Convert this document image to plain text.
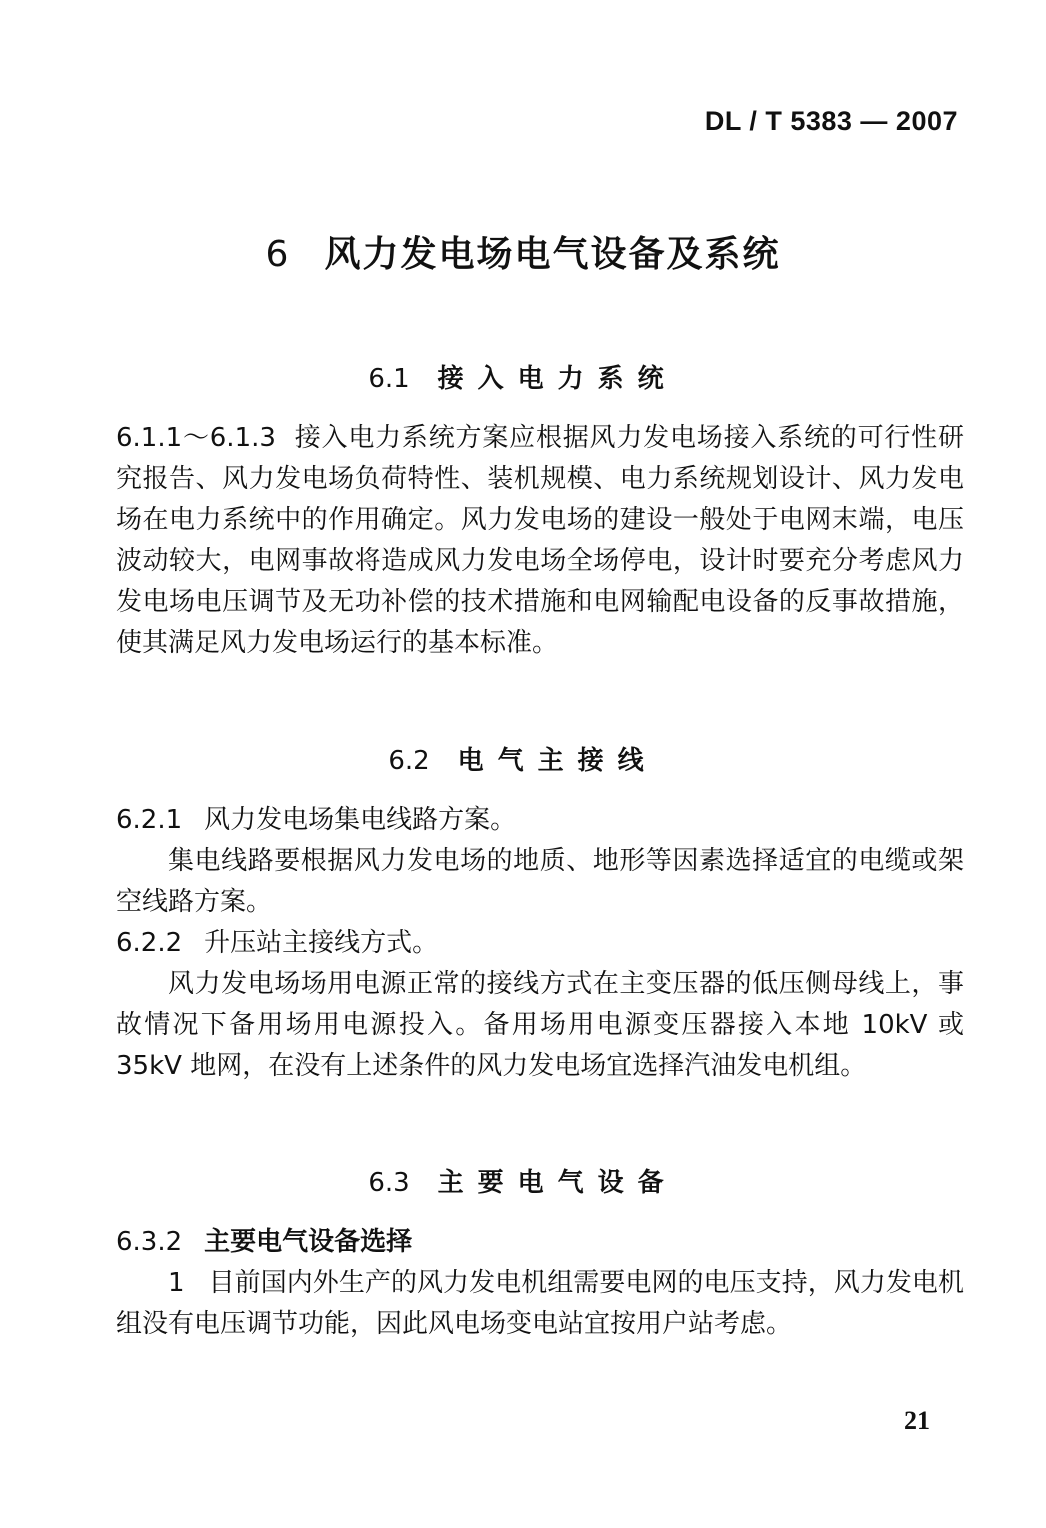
DL / T 5383 — 2007
6 风力发电场电气设备及系统
6.1 接入电力系统
6.1.1～6.1.3 接入电力系统方案应根据风力发电场接入系统的可行性研究报告、风力发电场负荷特性、装机规模、电力系统规划设计、风力发电场在电力系统中的作用确定。风力发电场的建设一般处于电网末端，电压波动较大，电网事故将造成风力发电场全场停电，设计时要充分考虑风力发电场电压调节及无功补偿的技术措施和电网输配电设备的反事故措施，使其满足风力发电场运行的基本标准。
6.2 电气主接线
6.2.1 风力发电场集电线路方案。
集电线路要根据风力发电场的地质、地形等因素选择适宜的电缆或架空线路方案。
6.2.2 升压站主接线方式。
风力发电场场用电源正常的接线方式在主变压器的低压侧母线上，事故情况下备用场用电源投入。备用场用电源变压器接入本地 10kV 或 35kV 地网，在没有上述条件的风力发电场宜选择汽油发电机组。
6.3 主要电气设备
6.3.2 主要电气设备选择
1 目前国内外生产的风力发电机组需要电网的电压支持，风力发电机组没有电压调节功能，因此风电场变电站宜按用户站考虑。
21
